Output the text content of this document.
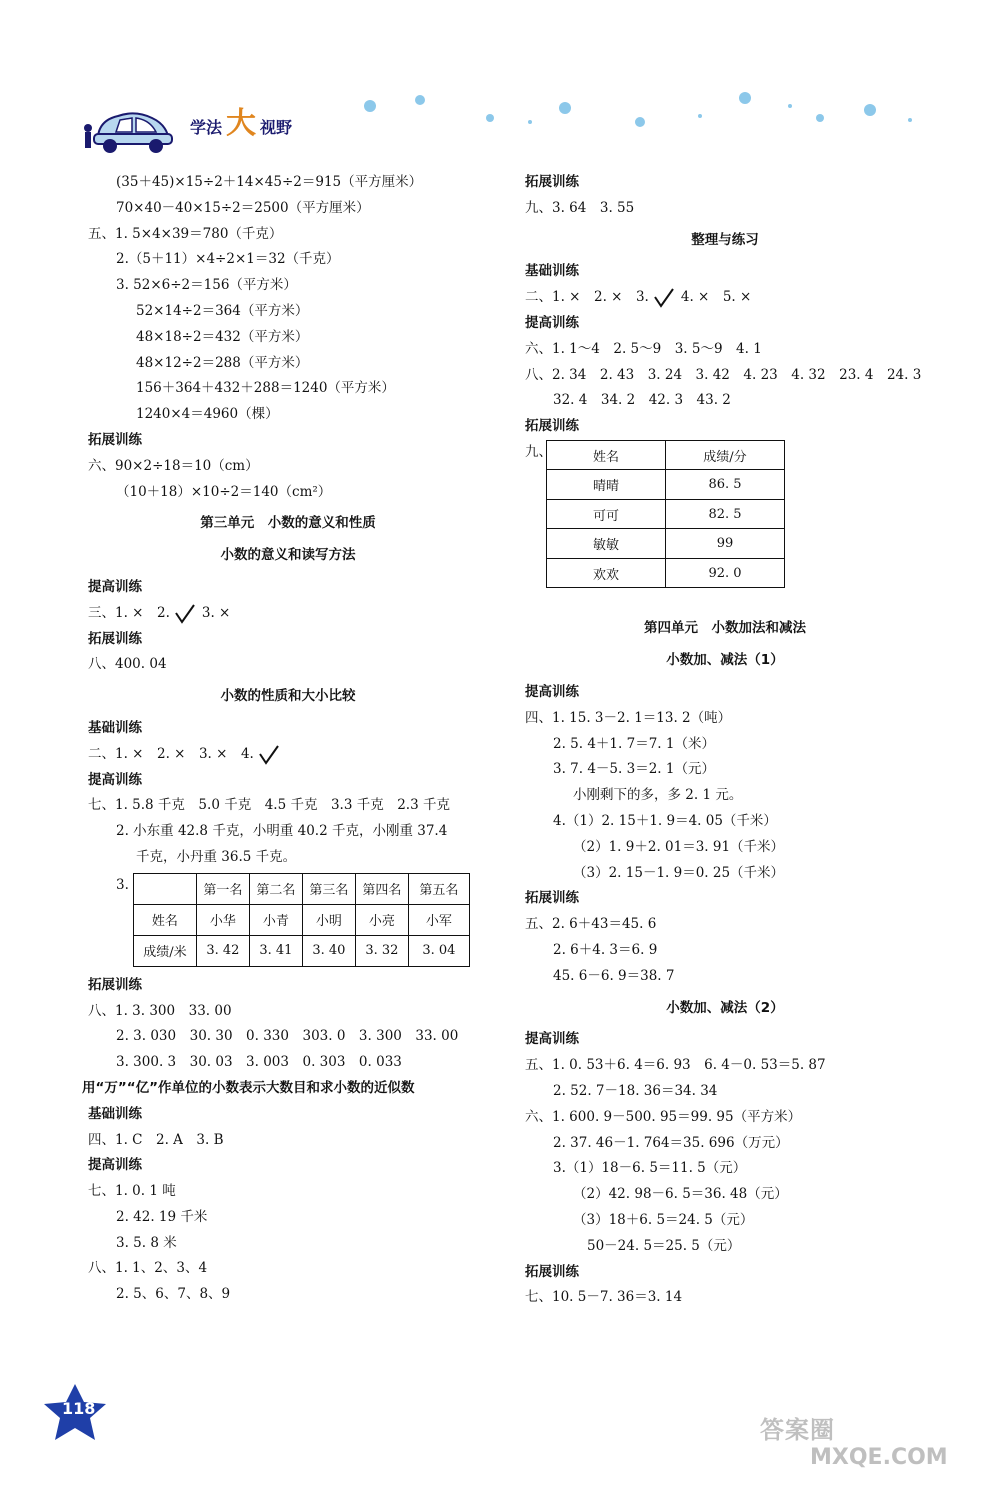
学法 大 视野
(35＋45)×15÷2＋14×45÷2＝915（平方厘米）
70×40－40×15÷2＝2500（平方厘米）
五、1. 5×4×39＝780（千克）
2.（5＋11）×4÷2×1＝32（千克）
3. 52×6÷2＝156（平方米）
52×14÷2＝364（平方米）
48×18÷2＝432（平方米）
48×12÷2＝288（平方米）
156＋364＋432＋288＝1240（平方米）
1240×4＝4960（棵）
拓展训练
六、90×2÷18＝10（cm）
（10＋18）×10÷2＝140（cm²）
第三单元　小数的意义和性质
小数的意义和读写方法
提高训练
三、1. ×　2. 3. ×
拓展训练
八、400. 04
小数的性质和大小比较
基础训练
二、1. ×　2. ×　3. ×　4.
提高训练
七、1. 5.8 千克　5.0 千克　4.5 千克　3.3 千克　2.3 千克
2. 小东重 42.8 千克，小明重 40.2 千克，小刚重 37.4
千克，小丹重 36.5 千克。
3.
		第一名	第二名	第三名	第四名	第五名
姓名	小华	小青	小明	小亮	小军
成绩/米	3. 42	3. 41	3. 40	3. 32	3. 04
拓展训练
八、1. 3. 300　33. 00
2. 3. 030　30. 30　0. 330　303. 0　3. 300　33. 00
3. 300. 3　30. 03　3. 003　0. 303　0. 033
用“万”“亿”作单位的小数表示大数目和求小数的近似数
基础训练
四、1. C　2. A　3. B
提高训练
七、1. 0. 1 吨
2. 42. 19 千米
3. 5. 8 米
八、1. 1、2、3、4
2. 5、6、7、8、9
拓展训练
九、3. 64　3. 55
整理与练习
基础训练
二、1. ×　2. ×　3. 4. ×　5. ×
提高训练
六、1. 1～4　2. 5～9　3. 5～9　4. 1
八、2. 34　2. 43　3. 24　3. 42　4. 23　4. 32　23. 4　24. 3
32. 4　34. 2　42. 3　43. 2
拓展训练
九、	姓名	成绩/分
晴晴	86. 5
可可	82. 5
敏敏	99
欢欢	92. 0
第四单元　小数加法和减法
小数加、减法（1）
提高训练
四、1. 15. 3－2. 1＝13. 2（吨）
2. 5. 4＋1. 7＝7. 1（米）
3. 7. 4－5. 3＝2. 1（元）
小刚剩下的多，多 2. 1 元。
4.（1）2. 15＋1. 9＝4. 05（千米）
（2）1. 9＋2. 01＝3. 91（千米）
（3）2. 15－1. 9＝0. 25（千米）
拓展训练
五、2. 6＋43＝45. 6
2. 6＋4. 3＝6. 9
45. 6－6. 9＝38. 7
小数加、减法（2）
提高训练
五、1. 0. 53＋6. 4＝6. 93　6. 4－0. 53＝5. 87
2. 52. 7－18. 36＝34. 34
六、1. 600. 9－500. 95＝99. 95（平方米）
2. 37. 46－1. 764＝35. 696（万元）
3.（1）18－6. 5＝11. 5（元）
（2）42. 98－6. 5＝36. 48（元）
（3）18＋6. 5＝24. 5（元）
50－24. 5＝25. 5（元）
拓展训练
七、10. 5－7. 36＝3. 14
118
答案圈
MXQE.COM
